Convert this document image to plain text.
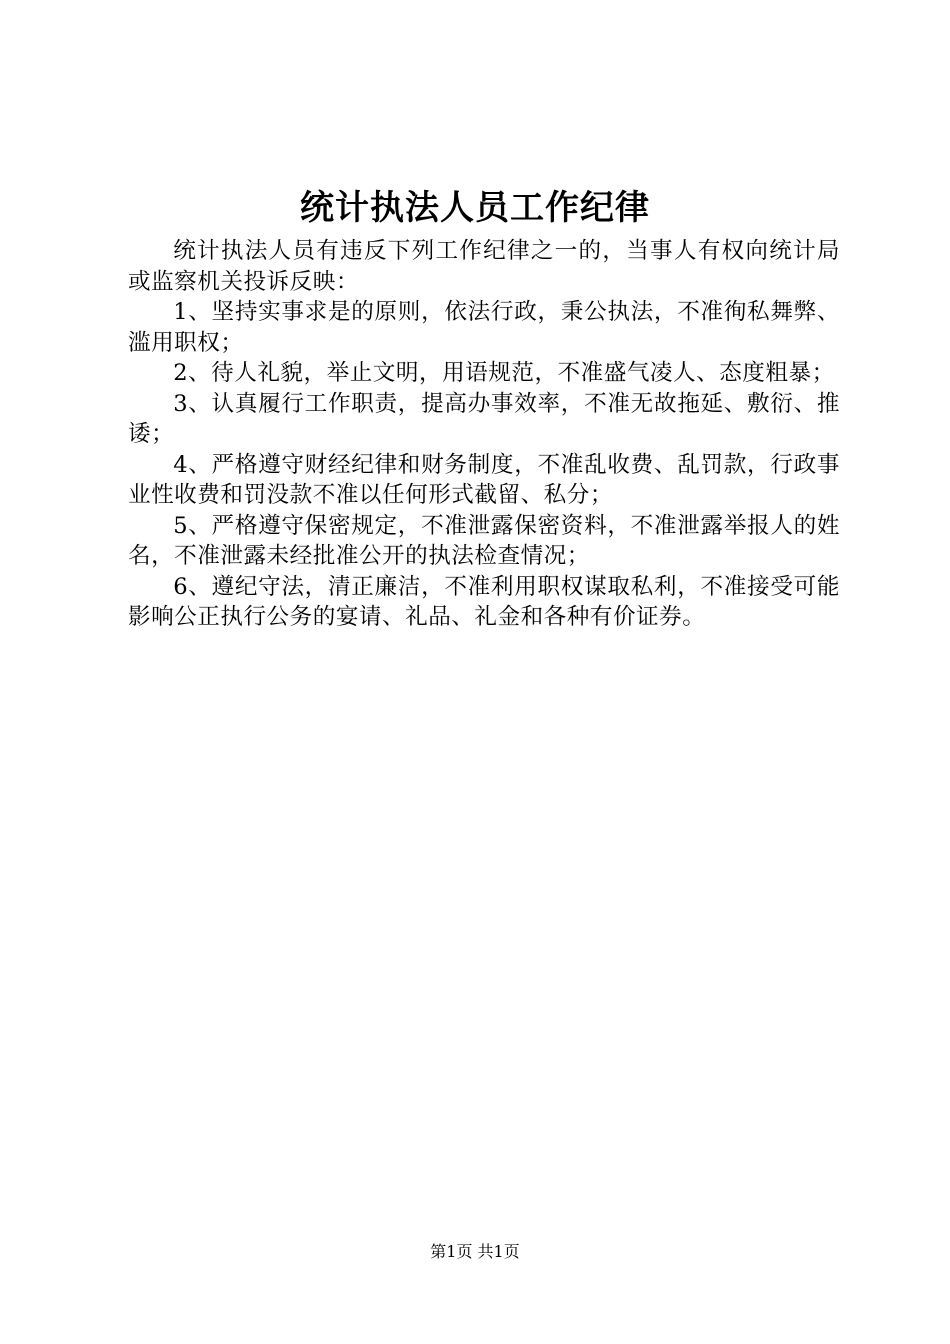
统计执法人员工作纪律

统计执法人员有违反下列工作纪律之一的，当事人有权向统计局或监察机关投诉反映：

1、坚持实事求是的原则，依法行政，秉公执法，不准徇私舞弊、滥用职权；

2、待人礼貌，举止文明，用语规范，不准盛气凌人、态度粗暴；

3、认真履行工作职责，提高办事效率，不准无故拖延、敷衍、推诿；

4、严格遵守财经纪律和财务制度，不准乱收费、乱罚款，行政事业性收费和罚没款不准以任何形式截留、私分；

5、严格遵守保密规定，不准泄露保密资料，不准泄露举报人的姓名，不准泄露未经批准公开的执法检查情况；

6、遵纪守法，清正廉洁，不准利用职权谋取私利，不准接受可能影响公正执行公务的宴请、礼品、礼金和各种有价证券。

第1页 共1页
